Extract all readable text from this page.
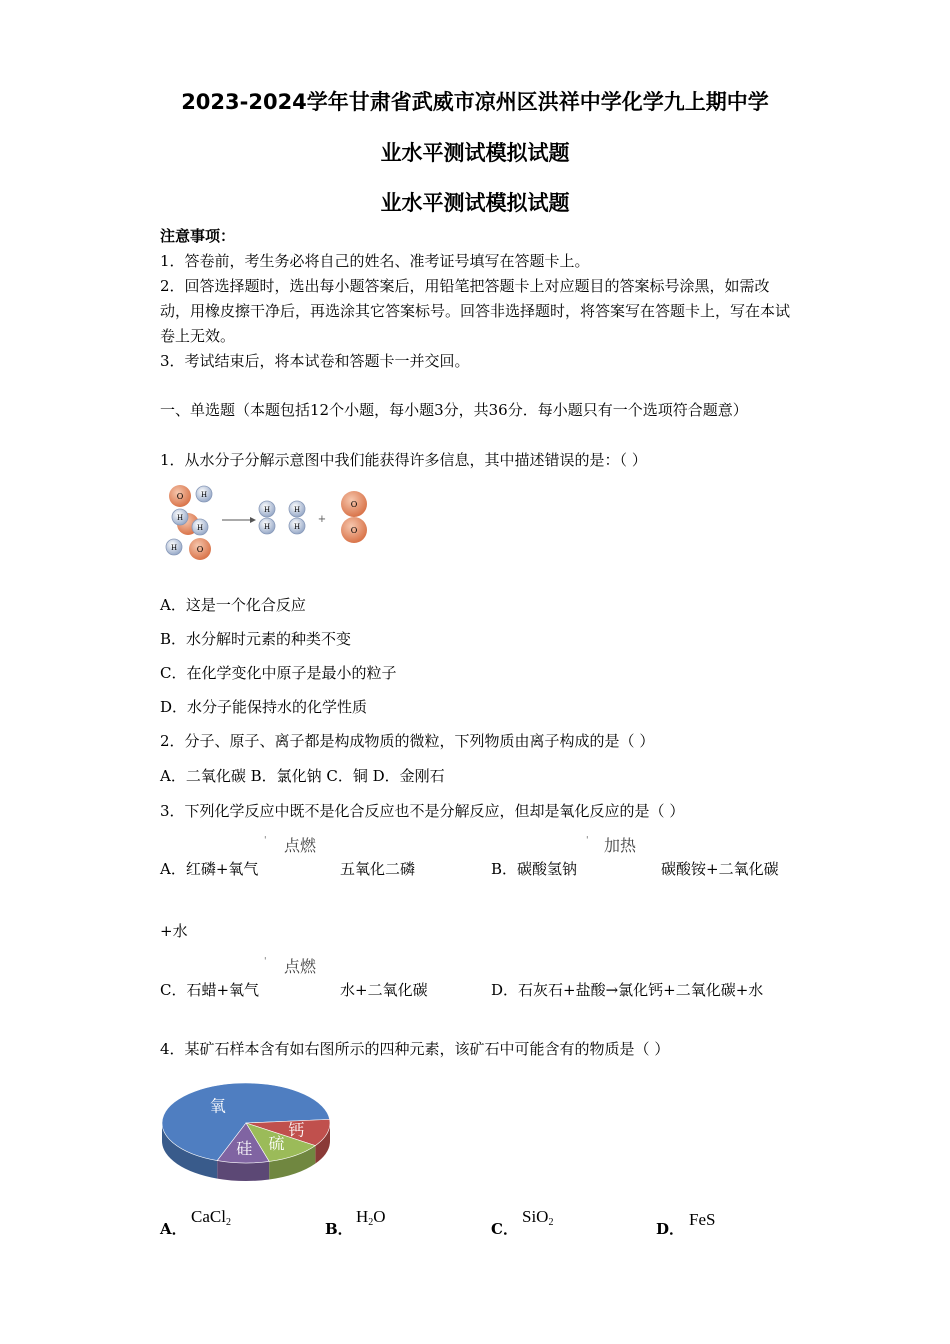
2023-2024学年甘肃省武威市凉州区洪祥中学化学九上期中学
业水平测试模拟试题
业水平测试模拟试题
注意事项：
1．答卷前，考生务必将自己的姓名、准考证号填写在答题卡上。
2．回答选择题时，选出每小题答案后，用铅笔把答题卡上对应题目的答案标号涂黑，如需改动，用橡皮擦干净后，再选涂其它答案标号。回答非选择题时，将答案写在答题卡上，写在本试卷上无效。
3．考试结束后，将本试卷和答题卡一并交回。
一、单选题（本题包括12个小题，每小题3分，共36分．每小题只有一个选项符合题意）
1．从水分子分解示意图中我们能获得许多信息，其中描述错误的是：（ ）
O	H
H
H
H O
H
H
H
H
+
O
O
A．这是一个化合反应
B．水分解时元素的种类不变
C．在化学变化中原子是最小的粒子
D．水分子能保持水的化学性质
2．分子、原子、离子都是构成物质的微粒，下列物质由离子构成的是（ ）
A．二氧化碳 B．氯化钠 C．铜 D．金刚石
3．下列化学反应中既不是化合反应也不是分解反应，但却是氧化反应的是（ ）
' 点燃	' 加热
A．红磷+氧气	五氧化二磷	B．碳酸氢钠	碳酸铵+二氧化碳
+水
' 点燃
C．石蜡+氧气	水+二氧化碳	D．石灰石+盐酸→氯化钙+二氧化碳+水
4．某矿石样本含有如右图所示的四种元素，该矿石中可能含有的物质是（ ）
氧
钙
硫
硅
A．
CaCl$_2$	B．
$H_2O$
C．
SiO$_2$	D． FeS
